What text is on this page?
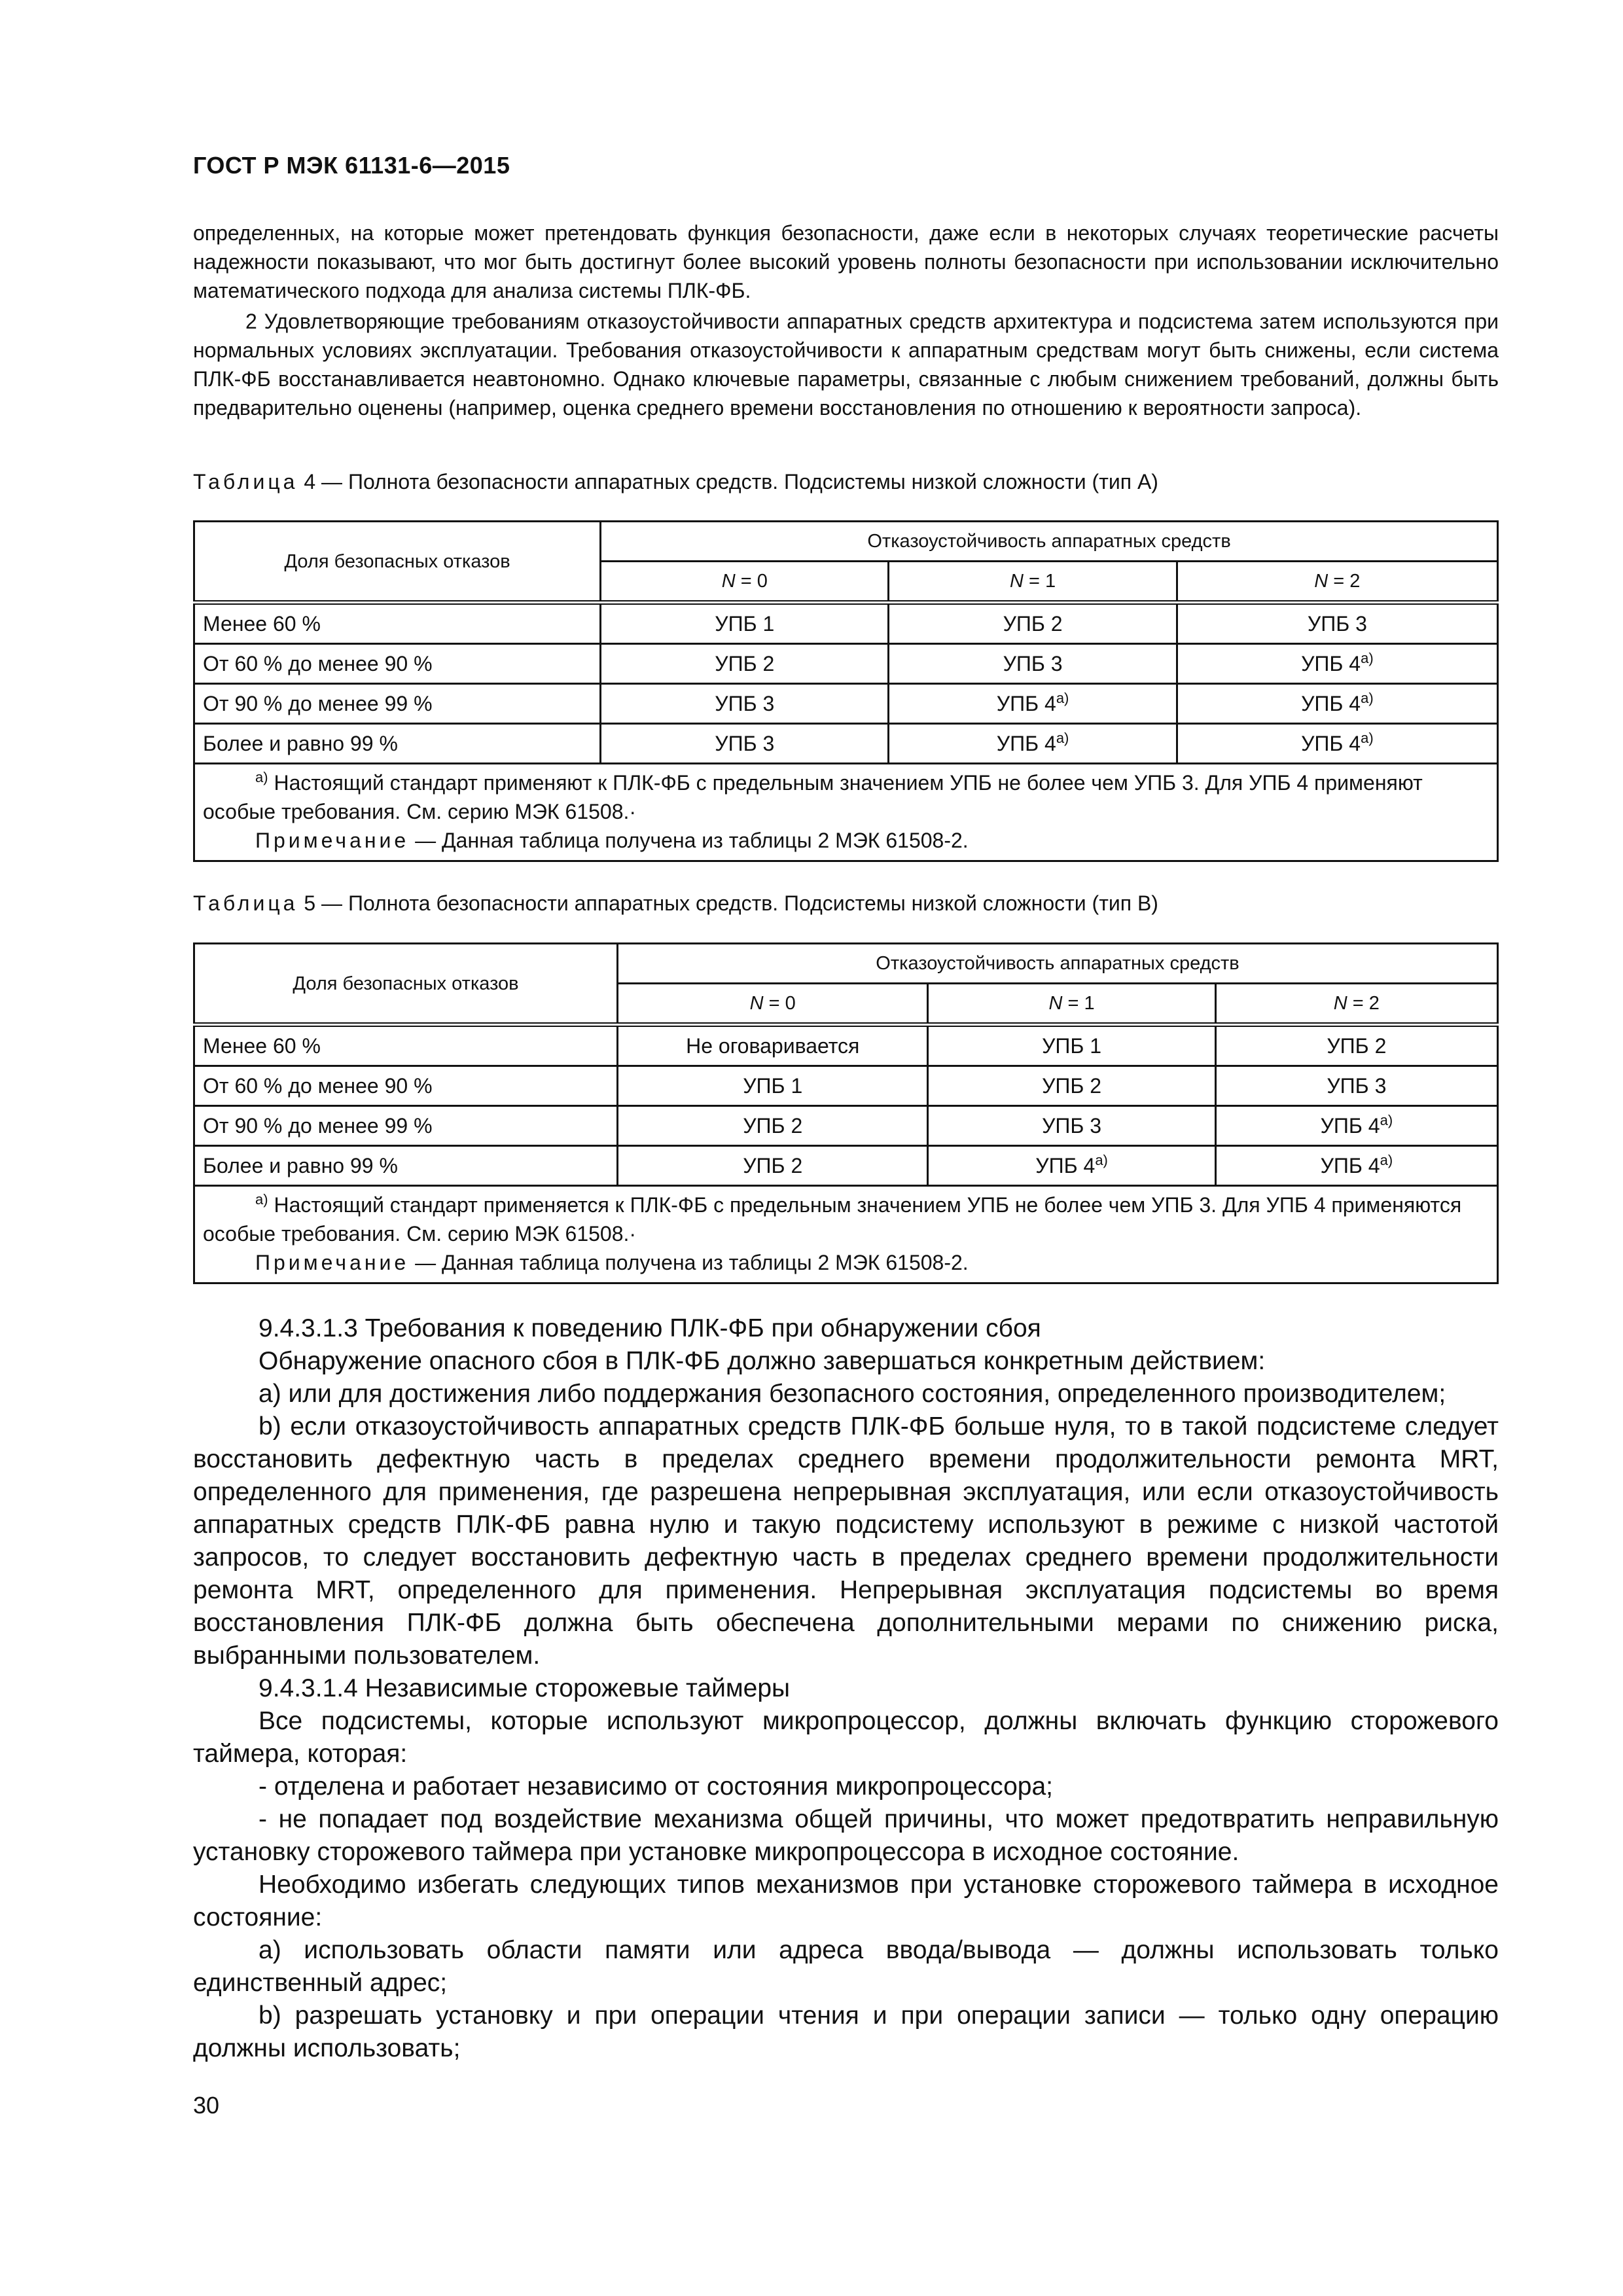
ГОСТ Р МЭК 61131-6—2015
определенных, на которые может претендовать функция безопасности, даже если в некоторых случаях теоретические расчеты надежности показывают, что мог быть достигнут более высокий уровень полноты безопасности при использовании исключительно математического подхода для анализа системы ПЛК-ФБ.
2 Удовлетворяющие требованиям отказоустойчивости аппаратных средств архитектура и подсистема затем используются при нормальных условиях эксплуатации. Требования отказоустойчивости к аппаратным средствам могут быть снижены, если система ПЛК-ФБ восстанавливается неавтономно. Однако ключевые параметры, связанные с любым снижением требований, должны быть предварительно оценены (например, оценка среднего времени восстановления по отношению к вероятности запроса).
Таблица 4 — Полнота безопасности аппаратных средств. Подсистемы низкой сложности (тип А)
Доля безопасных отказов	Отказоустойчивость аппаратных средств		
	N = 0	N = 1	N = 2
Менее 60 %	УПБ 1	УПБ 2	УПБ 3
От 60 % до менее 90 %	УПБ 2	УПБ 3	УПБ $4^{а)}$
От 90 % до менее 99 %	УПБ 3	УПБ $4^{а)}$	УПБ $4^{а)}$
Более и равно 99 %	УПБ 3	УПБ $4^{а)}$	УПБ $4^{а)}$

$^{а)}$ Настоящий стандарт применяют к ПЛК-ФБ с предельным значением УПБ не более чем УПБ 3. Для УПБ 4 применяют особые требования. См. серию МЭК 61508.·
Примечание — Данная таблица получена из таблицы 2 МЭК 61508-2.			
Таблица 5 — Полнота безопасности аппаратных средств. Подсистемы низкой сложности (тип В)
Доля безопасных отказов	Отказоустойчивость аппаратных средств		
	N = 0	N = 1	N = 2
Менее 60 %	Не оговаривается	УПБ 1	УПБ 2
От 60 % до менее 90 %	УПБ 1	УПБ 2	УПБ 3
От 90 % до менее 99 %	УПБ 2	УПБ 3	УПБ $4^{а)}$
Более и равно 99 %	УПБ 2	УПБ $4^{а)}$	УПБ $4^{а)}$

$^{а)}$ Настоящий стандарт применяется к ПЛК-ФБ с предельным значением УПБ не более чем УПБ 3. Для УПБ 4 применяются особые требования. См. серию МЭК 61508.·
Примечание — Данная таблица получена из таблицы 2 МЭК 61508-2.			

9.4.3.1.3 Требования к поведению ПЛК-ФБ при обнаружении сбоя

Обнаружение опасного сбоя в ПЛК-ФБ должно завершаться конкретным действием:

a) или для достижения либо поддержания безопасного состояния, определенного производителем;

b) если отказоустойчивость аппаратных средств ПЛК-ФБ больше нуля, то в такой подсистеме следует восстановить дефектную часть в пределах среднего времени продолжительности ремонта MRT, определенного для применения, где разрешена непрерывная эксплуатация, или если отказоустойчивость аппаратных средств ПЛК-ФБ равна нулю и такую подсистему используют в режиме с низкой частотой запросов, то следует восстановить дефектную часть в пределах среднего времени продолжительности ремонта MRT, определенного для применения. Непрерывная эксплуатация подсистемы во время восстановления ПЛК-ФБ должна быть обеспечена дополнительными мерами по снижению риска, выбранными пользователем.

9.4.3.1.4 Независимые сторожевые таймеры

Все подсистемы, которые используют микропроцессор, должны включать функцию сторожевого таймера, которая:

- отделена и работает независимо от состояния микропроцессора;

- не попадает под воздействие механизма общей причины, что может предотвратить неправильную установку сторожевого таймера при установке микропроцессора в исходное состояние.

Необходимо избегать следующих типов механизмов при установке сторожевого таймера в исходное состояние:

a) использовать области памяти или адреса ввода/вывода — должны использовать только единственный адрес;

b) разрешать установку и при операции чтения и при операции записи — только одну операцию должны использовать;

30
